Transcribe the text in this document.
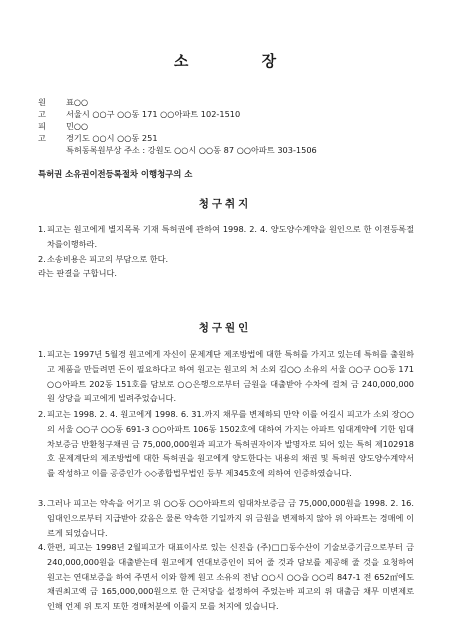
소 장
원 고
표○○
서울시 ○○구 ○○동 171 ○○아파트 102-1510
피 고
민○○
경기도 ○○시 ○○동 251
특허동록원부상 주소 : 강원도 ○○시 ○○동 87 ○○아파트 303-1506
특허권 소유권이전등록절차 이행청구의 소
청구취지
1. 피고는 원고에게 별지목록 기재 특허권에 관하여 1998. 2. 4. 양도양수계약을 원인으로 한 이전등록절차를이행하라.
2. 소송비용은 피고의 부담으로 한다.
라는 판결을 구합니다.
청구원인
1. 피고는 1997년 5월경 원고에게 자신이 문제계단 제조방법에 대한 특허를 가지고 있는데 특허를 출원하고 제품을 만들려면 돈이 필요하다고 하여 원고는 원고의 처 소외 김○○ 소유의 서울 ○○구 ○○동 171 ○○아파트 202동 151호를 담보로 ○○은행으로부터 금원을 대출받아 수차에 걸쳐 금 240,000,000원 상당을 피고에게 빌려주었습니다.
2. 피고는 1998. 2. 4. 원고에게 1998. 6. 31.까지 채무를 변제하되 만약 이를 어길시 피고가 소외 장○○의 서울 ○○구 ○○동 691-3 ○○아파트 106동 1502호에 대하여 가지는 아파트 임대계약에 기한 임대차보증금 반환청구채권 금 75,000,000원과 피고가 특허권자이자 발명자로 되어 있는 특허 제102918호 문제계단의 제조방법에 대한 특허권을 원고에게 양도한다는 내용의 채권 및 특허권 양도양수계약서를 작성하고 이를 공증인가 ◇◇종합법무법인 등부 제345호에 의하여 인증하였습니다.
3. 그러나 피고는 약속을 어기고 위 ○○동 ○○아파트의 임대차보증금 금 75,000,000원을 1998. 2. 16. 임대인으로부터 지급받아 갔음은 물론 약속한 기일까지 위 금원을 변제하지 않아 위 아파트는 경매에 이르게 되었습니다.
4. 한편, 피고는 1998년 2월피고가 대표이사로 있는 신진읍 (주)□□동수산이 기술보증기금으로부터 금 240,000,000원을 대출받는데 원고에게 연대보증인이 되어 줄 것과 담보를 제공해 줄 것을 요청하여 원고는 연대보증을 하여 주면서 이와 함께 원고 소유의 전남 ○○시 ○○읍 ○○리 847-1 전 652㎡에도 채권최고액 금 165,000,000원으로 한 근저당을 설정하여 주었는바 피고의 위 대출금 채무 미변제로 인해 언제 위 토지 또한 경매처분에 이를지 모를 처지에 있습니다.
